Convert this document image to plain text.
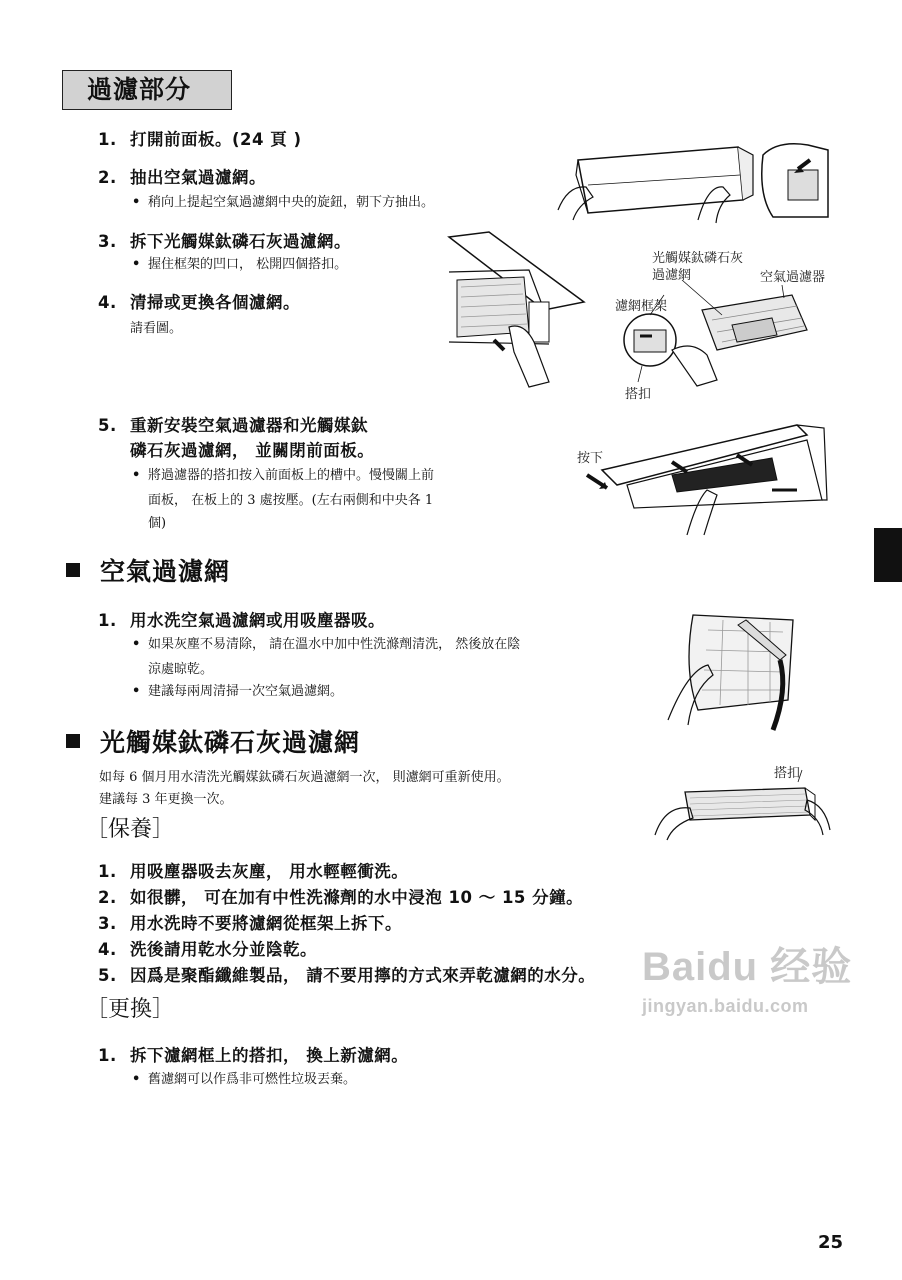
過濾部分
1. 打開前面板。(24 頁 )
2. 抽出空氣過濾網。
• 稍向上提起空氣過濾網中央的旋鈕，朝下方抽出。
3. 拆下光觸媒鈦磷石灰過濾網。
• 握住框架的凹口， 松開四個搭扣。
4. 清掃或更換各個濾網。
請看圖。
5. 重新安裝空氣過濾器和光觸媒鈦
磷石灰過濾網， 並關閉前面板。
• 將過濾器的搭扣按入前面板上的槽中。慢慢關上前
面板， 在板上的 3 處按壓。(左右兩側和中央各 1
個)
光觸媒鈦磷石灰
過濾網	空氣過濾器
濾網框架
搭扣
按下
空氣過濾網
1. 用水洗空氣過濾網或用吸塵器吸。
• 如果灰塵不易清除， 請在溫水中加中性洗滌劑清洗， 然後放在陰
涼處晾乾。
• 建議每兩周清掃一次空氣過濾網。
光觸媒鈦磷石灰過濾網
如每 6 個月用水清洗光觸媒鈦磷石灰過濾網一次， 則濾網可重新使用。
建議每 3 年更換一次。
搭扣
［保養］
1. 用吸塵器吸去灰塵， 用水輕輕衝洗。
2. 如很髒， 可在加有中性洗滌劑的水中浸泡 10 ～ 15 分鐘。
3. 用水洗時不要將濾網從框架上拆下。
4. 洗後請用乾水分並陰乾。
5. 因爲是聚酯纖維製品， 請不要用擰的方式來弄乾濾網的水分。
［更換］
1. 拆下濾網框上的搭扣， 換上新濾網。
• 舊濾網可以作爲非可燃性垃圾丟棄。
Baidu 经验
jingyan.baidu.com
25
